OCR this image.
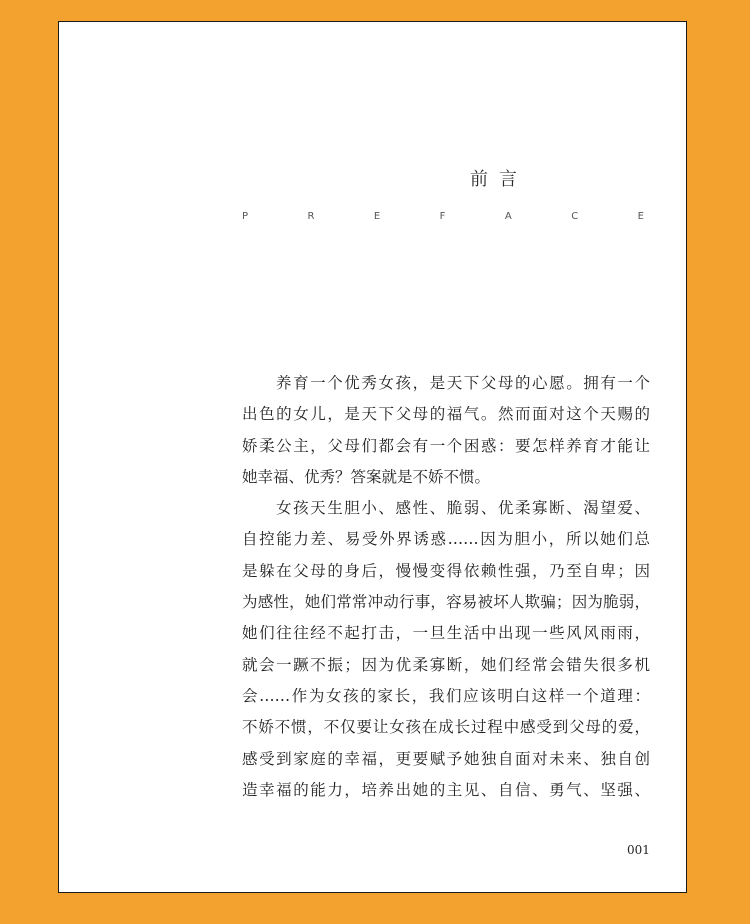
前言
P	R	E	F	A	C	E
养育一个优秀女孩，是天下父母的心愿。拥有一个
出色的女儿，是天下父母的福气。然而面对这个天赐的
娇柔公主，父母们都会有一个困惑：要怎样养育才能让
她幸福、优秀？答案就是不娇不惯。
女孩天生胆小、感性、脆弱、优柔寡断、渴望爱、
自控能力差、易受外界诱惑……因为胆小，所以她们总
是躲在父母的身后，慢慢变得依赖性强，乃至自卑；因
为感性，她们常常冲动行事，容易被坏人欺骗；因为脆弱，
她们往往经不起打击，一旦生活中出现一些风风雨雨，
就会一蹶不振；因为优柔寡断，她们经常会错失很多机
会……作为女孩的家长，我们应该明白这样一个道理：
不娇不惯，不仅要让女孩在成长过程中感受到父母的爱，
感受到家庭的幸福，更要赋予她独自面对未来、独自创
造幸福的能力，培养出她的主见、自信、勇气、坚强、
001
